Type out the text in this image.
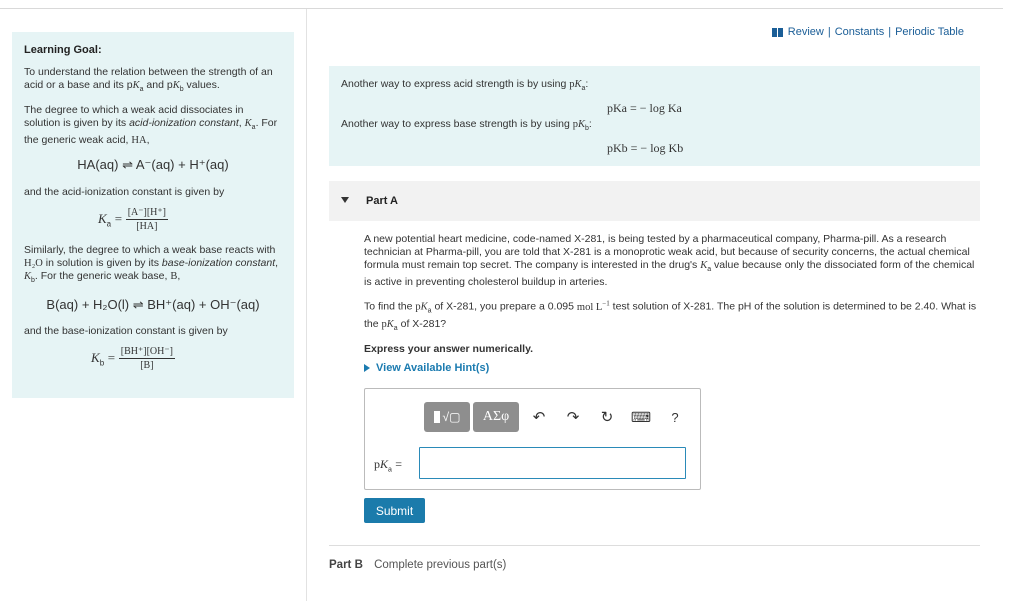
Learning Goal:

To understand the relation between the strength of an acid or a base and its $pK_a$ and $pK_b$ values.

The degree to which a weak acid dissociates in solution is given by its acid-ionization constant, $K_a$. For the generic weak acid, HA,

HA(aq) ⇌ A⁻(aq) + H⁺(aq)

and the acid-ionization constant is given by

$K_a = \frac{[A^-][H^+]}{[HA]}$

Similarly, the degree to which a weak base reacts with H₂O in solution is given by its base-ionization constant, $K_b$. For the generic weak base, B,

B(aq) + H₂O(l) ⇌ BH⁺(aq) + OH⁻(aq)

and the base-ionization constant is given by

$K_b = \frac{[BH^+][OH^-]}{[B]}$
Review | Constants | Periodic Table
Another way to express acid strength is by using $pK_a$:
pKa = − log Ka
Another way to express base strength is by using $pK_b$:
pKb = − log Kb
Part A

A new potential heart medicine, code-named X-281, is being tested by a pharmaceutical company, Pharma-pill. As a research technician at Pharma-pill, you are told that X-281 is a monoprotic weak acid, but because of security concerns, the actual chemical formula must remain top secret. The company is interested in the drug's $K_a$ value because only the dissociated form of the chemical is active in preventing cholesterol buildup in arteries.

To find the $pK_a$ of X-281, you prepare a 0.095 mol $L^{-1}$ test solution of X-281. The pH of the solution is determined to be 2.40. What is the $pK_a$ of X-281?

Express your answer numerically.

View Available Hint(s)
√▢	ΑΣφ	↶	↷	↻	⌨	?
$pK_a$ =
Submit
Part B Complete previous part(s)
